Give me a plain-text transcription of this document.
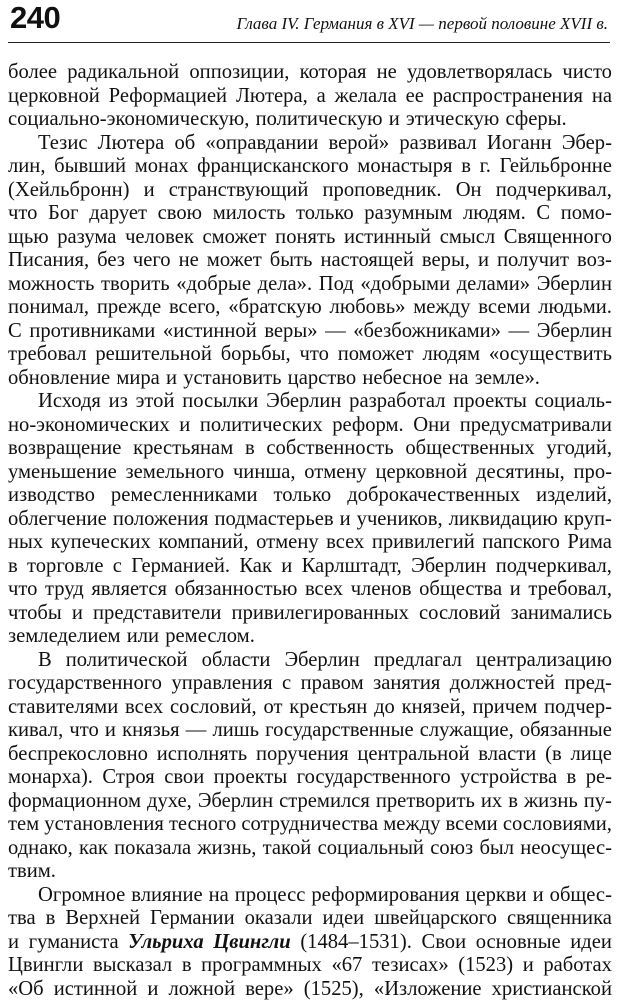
240	Глава IV. Германия в XVI — первой половине XVII в.
более радикальной оппозиции, которая не удовлетворялась чисто
церковной Реформацией Лютера, а желала ее распространения на
социально-экономическую, политическую и этическую сферы.
Тезис Лютера об «оправдании верой» развивал Иоганн Эбер-
лин, бывший монах францисканского монастыря в г. Гейльбронне
(Хейльбронн) и странствующий проповедник. Он подчеркивал,
что Бог дарует свою милость только разумным людям. С помо-
щью разума человек сможет понять истинный смысл Священного
Писания, без чего не может быть настоящей веры, и получит воз-
можность творить «добрые дела». Под «добрыми делами» Эберлин
понимал, прежде всего, «братскую любовь» между всеми людьми.
С противниками «истинной веры» — «безбожниками» — Эберлин
требовал решительной борьбы, что поможет людям «осуществить
обновление мира и установить царство небесное на земле».
Исходя из этой посылки Эберлин разработал проекты социаль-
но-экономических и политических реформ. Они предусматривали
возвращение крестьянам в собственность общественных угодий,
уменьшение земельного чинша, отмену церковной десятины, про-
изводство ремесленниками только доброкачественных изделий,
облегчение положения подмастерьев и учеников, ликвидацию круп-
ных купеческих компаний, отмену всех привилегий папского Рима
в торговле с Германией. Как и Карлштадт, Эберлин подчеркивал,
что труд является обязанностью всех членов общества и требовал,
чтобы и представители привилегированных сословий занимались
земледелием или ремеслом.
В политической области Эберлин предлагал централизацию
государственного управления с правом занятия должностей пред-
ставителями всех сословий, от крестьян до князей, причем подчер-
кивал, что и князья — лишь государственные служащие, обязанные
беспрекословно исполнять поручения центральной власти (в лице
монарха). Строя свои проекты государственного устройства в ре-
формационном духе, Эберлин стремился претворить их в жизнь пу-
тем установления тесного сотрудничества между всеми сословиями,
однако, как показала жизнь, такой социальный союз был неосущес-
твим.
Огромное влияние на процесс реформирования церкви и общес-
тва в Верхней Германии оказали идеи швейцарского священника
и гуманиста Ульриха Цвингли (1484–1531). Свои основные идеи
Цвингли высказал в программных «67 тезисах» (1523) и работах
«Об истинной и ложной вере» (1525), «Изложение христианской
